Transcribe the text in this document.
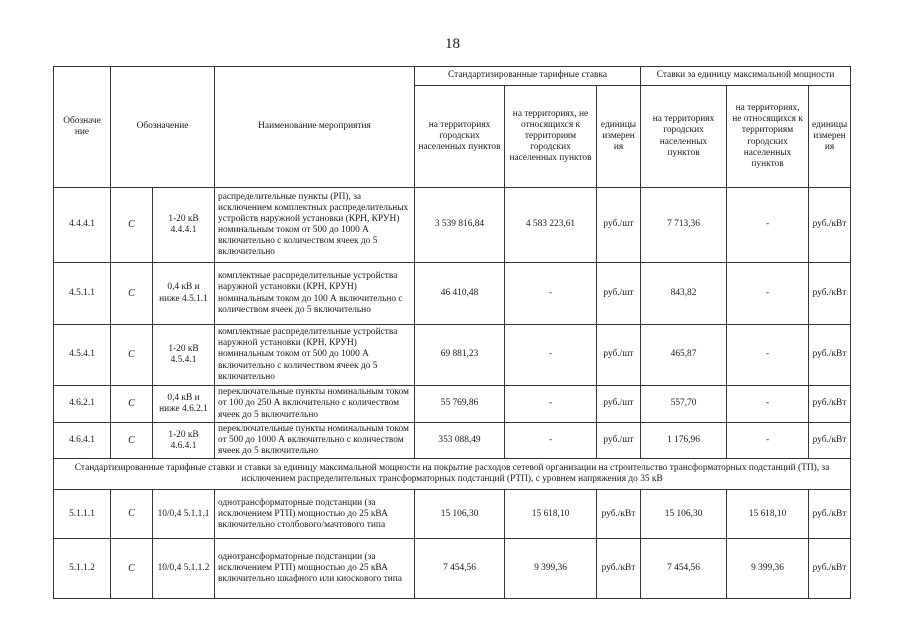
18
Обозначе ние	Обозначение		Наименование мероприятия	Стандартизированные тарифные ставка			Ставки за единицу максимальной мощности		
				на территориях городских населенных пунктов	на территориях, не относящихся к территориям городских населенных пунктов	единицы измерен ия	на территориях городских населенных пунктов	на территориях, не относящихся к территориям городских населенных пунктов	единицы измерен ия
4.4.4.1	С	1-20 кВ 4.4.4.1	распределительные пункты (РП), за исключением комплектных распределительных устройств наружной установки (КРН, КРУН) номинальным током от 500 до 1000 А включительно с количеством ячеек до 5 включительно	3 539 816,84	4 583 223,61	руб./шт	7 713,36	-	руб./кВт
4.5.1.1	С	0,4 кВ и ниже 4.5.1.1	комплектные распределительные устройства наружной установки (КРН, КРУН) номинальным током до 100 А включительно с количеством ячеек до 5 включительно	46 410,48	-	руб./шт	843,82	-	руб./кВт
4.5.4.1	С	1-20 кВ 4.5.4.1	комплектные распределительные устройства наружной установки (КРН, КРУН) номинальным током от 500 до 1000 А включительно с количеством ячеек до 5 включительно	69 881,23	-	руб./шт	465,87	-	руб./кВт
4.6.2.1	С	0,4 кВ и ниже 4.6.2.1	переключательные пункты номинальным током от 100 до 250 А включительно с количеством ячеек до 5 включительно	55 769,86	-	руб./шт	557,70	-	руб./кВт
4.6.4.1	С	1-20 кВ 4.6.4.1	переключательные пункты номинальным током от 500 до 1000 А включительно с количеством ячеек до 5 включительно	353 088,49	-	руб./шт	1 176,96	-	руб./кВт
Стандартизированные тарифные ставки и ставки за единицу максимальной мощности на покрытие расходов сетевой организации на строительство трансформаторных подстанций (ТП), за исключением распределительных трансформаторных подстанций (РТП), с уровнем напряжения до 35 кВ									
5.1.1.1	С	10/0,4 5.1.1.1	однотрансформаторные подстанции (за исключением РТП) мощностью до 25 кВА включительно столбового/мачтового типа	15 106,30	15 618,10	руб./кВт	15 106,30	15 618,10	руб./кВт
5.1.1.2	С	10/0,4 5.1.1.2	однотрансформаторные подстанции (за исключением РТП) мощностью до 25 кВА включительно шкафного или киоскового типа	7 454,56	9 399,36	руб./кВт	7 454,56	9 399,36	руб./кВт
